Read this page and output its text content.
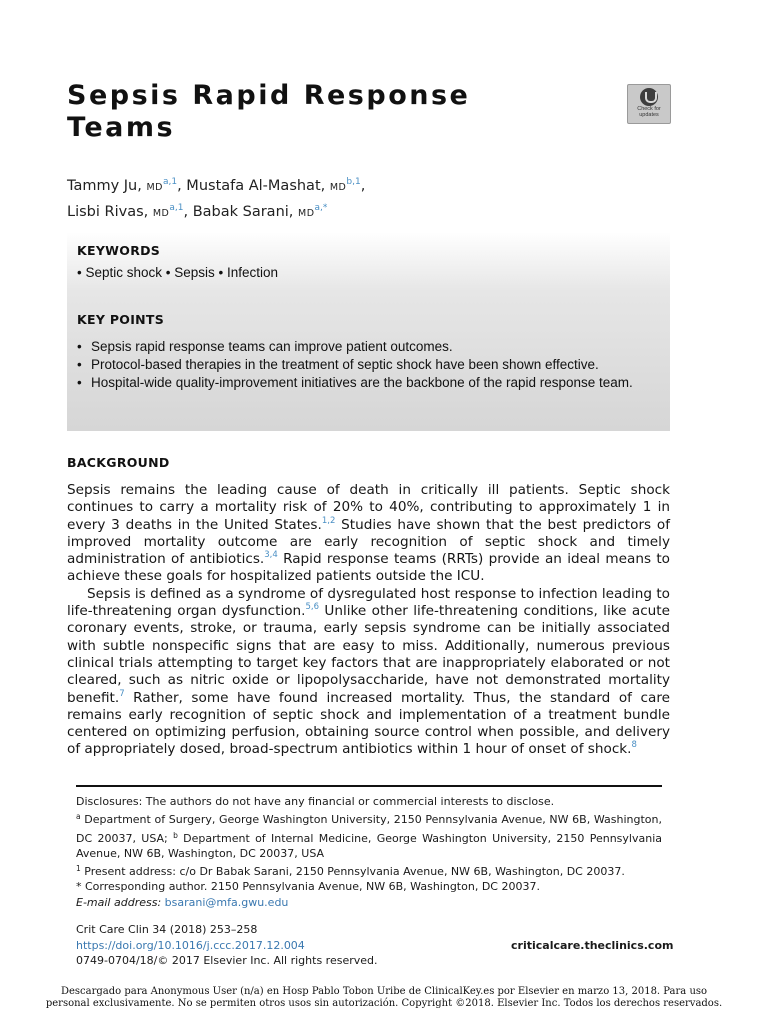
Sepsis Rapid Response
Teams
Check for
updates
Tammy Ju, MD$^{a,1}$, Mustafa Al-Mashat, MD$^{b,1}$,
Lisbi Rivas, MD$^{a,1}$, Babak Sarani, $MD^{a,*}$
KEYWORDS
• Septic shock • Sepsis • Infection
KEY POINTS
• Sepsis rapid response teams can improve patient outcomes.
• Protocol-based therapies in the treatment of septic shock have been shown effective.
• Hospital-wide quality-improvement initiatives are the backbone of the rapid response team.
BACKGROUND

Sepsis remains the leading cause of death in critically ill patients. Septic shock continues to carry a mortality risk of 20% to 40%, contributing to approximately 1 in every 3 deaths in the United States.$^{1,2}$ Studies have shown that the best predictors of improved mortality outcome are early recognition of septic shock and timely administration of antibiotics.$^{3,4}$ Rapid response teams (RRTs) provide an ideal means to achieve these goals for hospitalized patients outside the ICU.

Sepsis is defined as a syndrome of dysregulated host response to infection leading to life-threatening organ dysfunction.$^{5,6}$ Unlike other life-threatening conditions, like acute coronary events, stroke, or trauma, early sepsis syndrome can be initially associated with subtle nonspecific signs that are easy to miss. Additionally, numerous previous clinical trials attempting to target key factors that are inappropriately elaborated or not cleared, such as nitric oxide or lipopolysaccharide, have not demonstrated mortality benefit.$^7$ Rather, some have found increased mortality. Thus, the standard of care remains early recognition of septic shock and implementation of a treatment bundle centered on optimizing perfusion, obtaining source control when possible, and delivery of appropriately dosed, broad-spectrum antibiotics within 1 hour of onset of shock.$^8$

Disclosures: The authors do not have any financial or commercial interests to disclose.

$^a$ Department of Surgery, George Washington University, 2150 Pennsylvania Avenue, NW 6B, Washington, DC 20037, USA; $^b$ Department of Internal Medicine, George Washington University, 2150 Pennsylvania Avenue, NW 6B, Washington, DC 20037, USA

$^1$ Present address: c/o Dr Babak Sarani, 2150 Pennsylvania Avenue, NW 6B, Washington, DC 20037.

* Corresponding author. 2150 Pennsylvania Avenue, NW 6B, Washington, DC 20037.

E-mail address: bsarani@mfa.gwu.edu

Crit Care Clin 34 (2018) 253–258
https://doi.org/10.1016/j.ccc.2017.12.004
0749-0704/18/© 2017 Elsevier Inc. All rights reserved.
criticalcare.theclinics.com
Descargado para Anonymous User (n/a) en Hosp Pablo Tobon Uribe de ClinicalKey.es por Elsevier en marzo 13, 2018. Para uso
personal exclusivamente. No se permiten otros usos sin autorización. Copyright ©2018. Elsevier Inc. Todos los derechos reservados.
